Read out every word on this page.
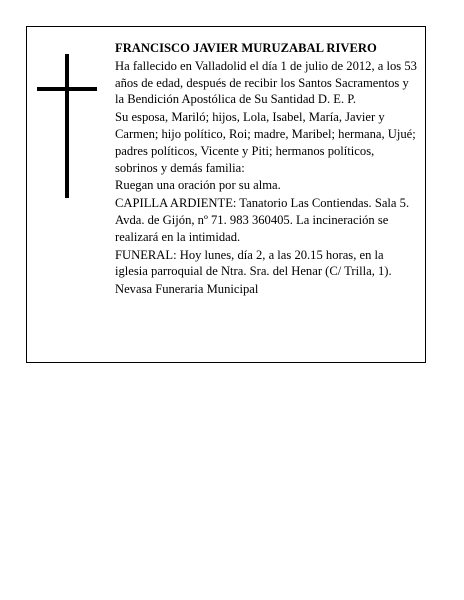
FRANCISCO JAVIER MURUZABAL RIVERO

Ha fallecido en Valladolid el día 1 de julio de 2012, a los 53 años de edad, después de recibir los Santos Sacramentos y la Bendición Apostólica de Su Santidad D. E. P.

Su esposa, Mariló; hijos, Lola, Isabel, María, Javier y Carmen; hijo político, Roi; madre, Maribel; hermana, Ujué; padres políticos, Vicente y Piti; hermanos políticos, sobrinos y demás familia:

Ruegan una oración por su alma.

CAPILLA ARDIENTE: Tanatorio Las Contiendas. Sala 5. Avda. de Gijón, nº 71. 983 360405. La incineración se realizará en la intimidad.

FUNERAL: Hoy lunes, día 2, a las 20.15 horas, en la iglesia parroquial de Ntra. Sra. del Henar (C/ Trilla, 1).

Nevasa Funeraria Municipal
